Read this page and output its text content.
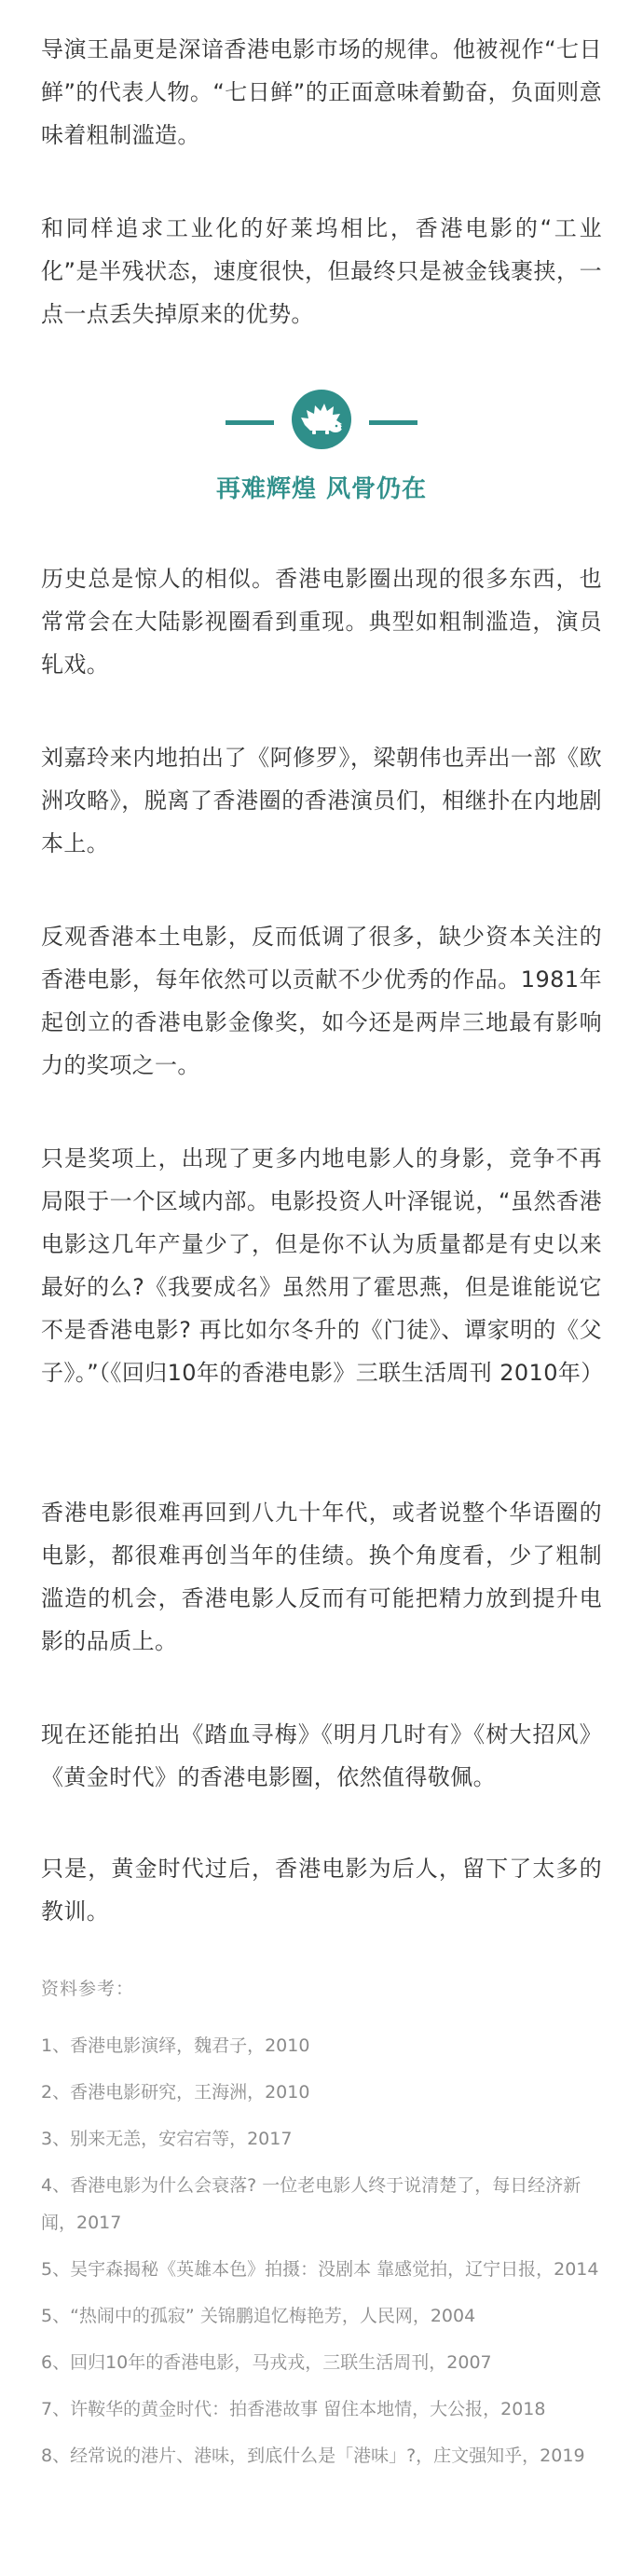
导演王晶更是深谙香港电影市场的规律。他被视作“七日鲜”的代表人物。“七日鲜”的正面意味着勤奋，负面则意味着粗制滥造。

和同样追求工业化的好莱坞相比，香港电影的“工业化”是半残状态，速度很快，但最终只是被金钱裹挟，一点一点丢失掉原来的优势。

再难辉煌 风骨仍在

历史总是惊人的相似。香港电影圈出现的很多东西，也常常会在大陆影视圈看到重现。典型如粗制滥造，演员轧戏。

刘嘉玲来内地拍出了《阿修罗》，梁朝伟也弄出一部《欧洲攻略》，脱离了香港圈的香港演员们，相继扑在内地剧本上。

反观香港本土电影，反而低调了很多，缺少资本关注的香港电影，每年依然可以贡献不少优秀的作品。1981年起创立的香港电影金像奖，如今还是两岸三地最有影响力的奖项之一。

只是奖项上，出现了更多内地电影人的身影，竞争不再局限于一个区域内部。电影投资人叶泽锟说，“虽然香港电影这几年产量少了，但是你不认为质量都是有史以来最好的么?《我要成名》虽然用了霍思燕，但是谁能说它不是香港电影? 再比如尔冬升的《门徒》、谭家明的《父子》。”（《回归10年的香港电影》三联生活周刊 2010年）

香港电影很难再回到八九十年代，或者说整个华语圈的电影，都很难再创当年的佳绩。换个角度看，少了粗制滥造的机会，香港电影人反而有可能把精力放到提升电影的品质上。

现在还能拍出《踏血寻梅》《明月几时有》《树大招风》《黄金时代》的香港电影圈，依然值得敬佩。

只是，黄金时代过后，香港电影为后人，留下了太多的教训。

资料参考：
1、香港电影演绎，魏君子，2010
2、香港电影研究，王海洲，2010
3、别来无恙，安宕宕等，2017
4、香港电影为什么会衰落? 一位老电影人终于说清楚了，每日经济新闻，2017
5、吴宇森揭秘《英雄本色》拍摄：没剧本 靠感觉拍，辽宁日报，2014
5、“热闹中的孤寂” 关锦鹏追忆梅艳芳，人民网，2004
6、回归10年的香港电影，马戎戎，三联生活周刊，2007
7、许鞍华的黄金时代：拍香港故事 留住本地情，大公报，2018
8、经常说的港片、港味，到底什么是「港味」?，庄文强知乎，2019
